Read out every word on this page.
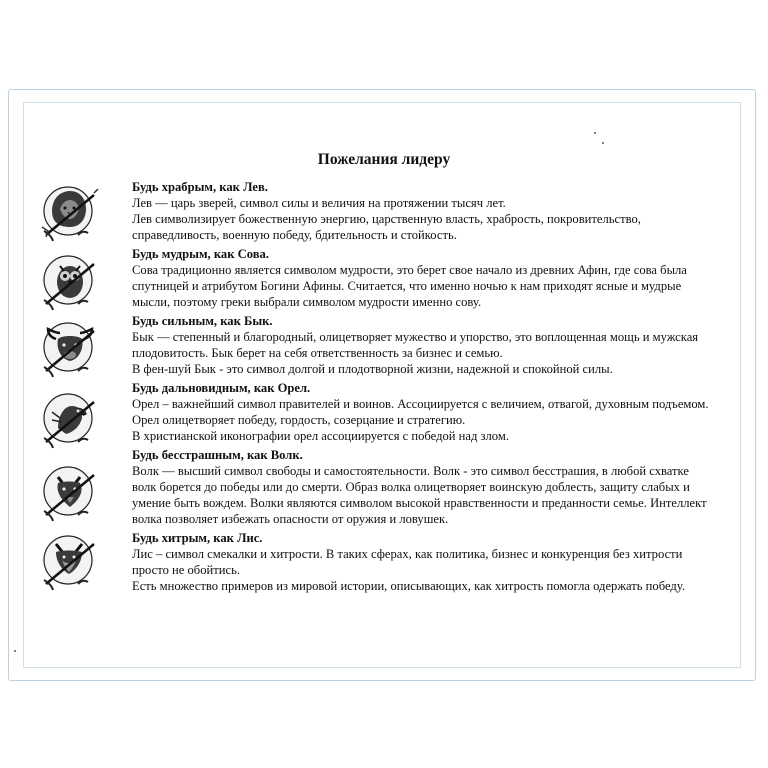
Пожелания лидеру
Будь храбрым, как Лев.
Лев — царь зверей, символ силы и величия на протяжении тысяч лет.
Лев символизирует божественную энергию, царственную власть, храбрость, покровительство,
справедливость, военную победу, бдительность и стойкость.
Будь мудрым, как Сова.
Сова традиционно является символом мудрости, это берет свое начало из древних Афин, где сова была
спутницей и атрибутом Богини Афины. Считается, что именно ночью к нам приходят ясные и мудрые
мысли, поэтому греки выбрали символом мудрости именно сову.
Будь сильным, как Бык.
Бык — степенный и благородный, олицетворяет мужество и упорство, это воплощенная мощь и мужская
плодовитость. Бык берет на себя ответственность за бизнес и семью.
В фен-шуй Бык - это символ долгой и плодотворной жизни, надежной и спокойной силы.
Будь дальновидным, как Орел.
Орел – важнейший символ правителей и воинов. Ассоциируется с величием, отвагой, духовным подъемом.
Орел олицетворяет победу, гордость, созерцание и стратегию.
В христианской иконографии орел ассоциируется с победой над злом.
Будь бесстрашным, как Волк.
Волк — высший символ свободы и самостоятельности. Волк - это символ бесстрашия, в любой схватке
волк борется до победы или до смерти. Образ волка олицетворяет воинскую доблесть, защиту слабых и
умение быть вождем. Волки являются символом высокой нравственности и преданности семье. Интеллект
волка позволяет избежать опасности от оружия и ловушек.
Будь хитрым, как Лис.
Лис – символ смекалки и хитрости. В таких сферах, как политика, бизнес и конкуренция без хитрости
просто не обойтись.
Есть множество примеров из мировой истории, описывающих, как хитрость помогла одержать победу.
